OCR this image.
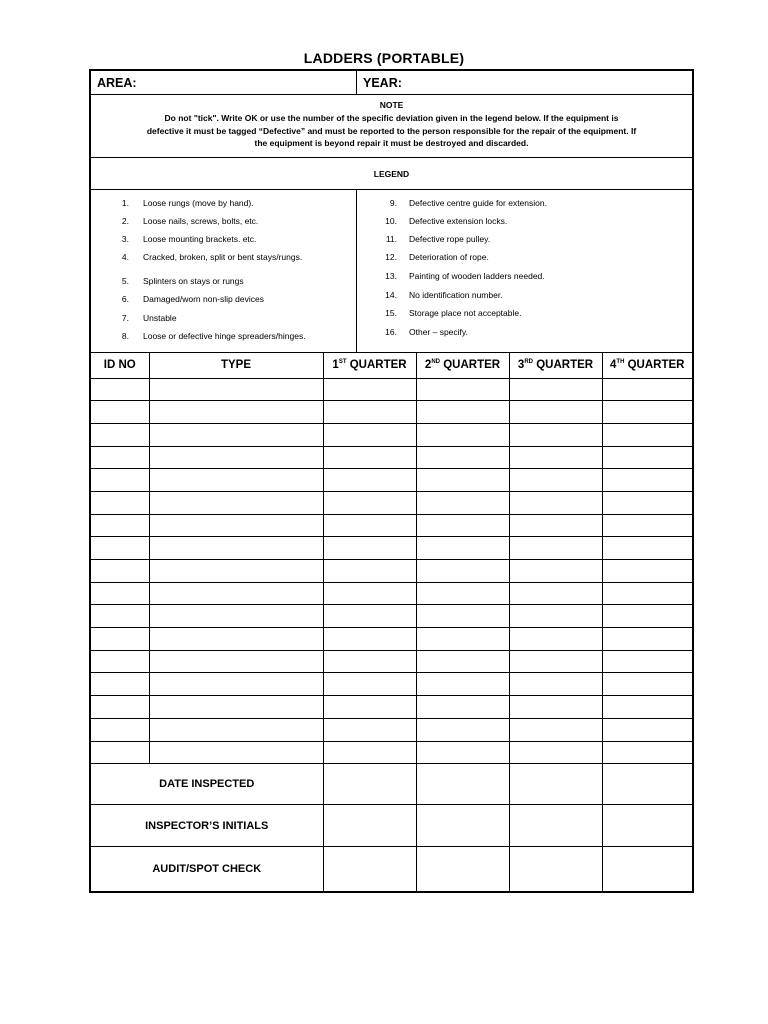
LADDERS (PORTABLE)
AREA:	YEAR:
NOTE
Do not "tick". Write OK or use the number of the specific deviation given in the legend below. If the equipment is
defective it must be tagged “Defective” and must be reported to the person responsible for the repair of the equipment. If
the equipment is beyond repair it must be destroyed and discarded.
LEGEND
1. Loose rungs (move by hand).
2. Loose nails, screws, bolts, etc.
3. Loose mounting brackets. etc.
4. Cracked, broken, split or bent stays/rungs.
5. Splinters on stays or rungs
6. Damaged/worn non-slip devices
7. Unstable
8. Loose or defective hinge spreaders/hinges.
9. Defective centre guide for extension.
10. Defective extension locks.
11. Defective rope pulley.
12. Deterioration of rope.
13. Painting of wooden ladders needed.
14. No identification number.
15. Storage place not acceptable.
16. Other – specify.
ID NO	TYPE	1ST QUARTER	2ND QUARTER	3RD QUARTER	4TH QUARTER

DATE INSPECTED					
INSPECTOR’S INITIALS					
AUDIT/SPOT CHECK					
